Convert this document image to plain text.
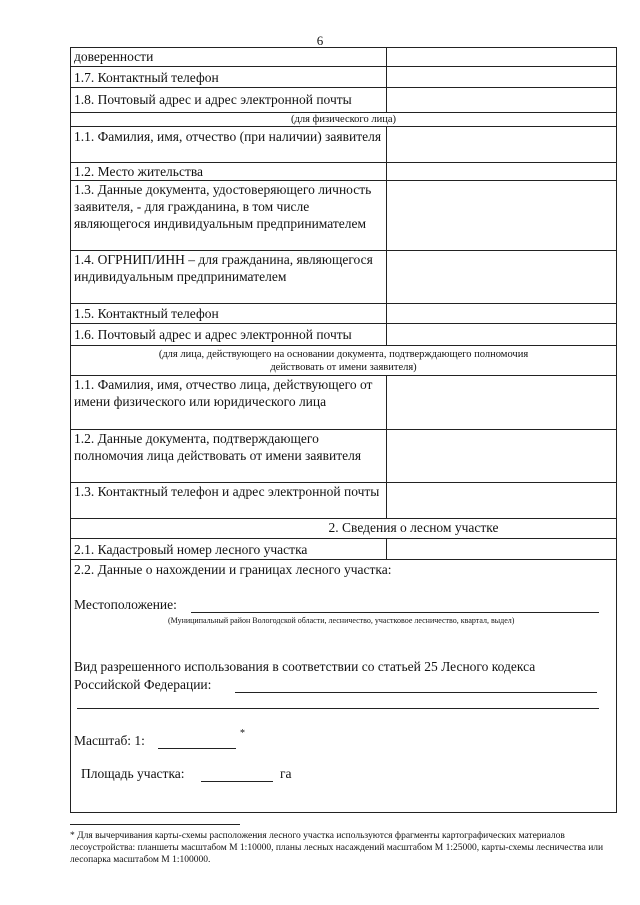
6
доверенности
1.7. Контактный телефон
1.8. Почтовый адрес и адрес электронной почты
(для физического лица)
1.1. Фамилия, имя, отчество (при наличии) заявителя
1.2. Место жительства
1.3. Данные документа, удостоверяющего личность заявителя, - для гражданина, в том числе являющегося индивидуальным предпринимателем
1.4. ОГРНИП/ИНН – для гражданина, являющегося индивидуальным предпринимателем
1.5. Контактный телефон
1.6. Почтовый адрес и адрес электронной почты
(для лица, действующего на основании документа, подтверждающего полномочия действовать от имени заявителя)
1.1. Фамилия, имя, отчество лица, действующего от имени физического или юридического лица
1.2. Данные документа, подтверждающего полномочия лица действовать от имени заявителя
1.3. Контактный телефон и адрес электронной почты
2. Сведения о лесном участке
2.1. Кадастровый номер лесного участка
2.2. Данные о нахождении и границах лесного участка:
Местоположение:
(Муниципальный район Вологодской области, лесничество, участковое лесничество, квартал, выдел)
Вид разрешенного использования в соответствии со статьей 25 Лесного кодекса
Российской Федерации:
Масштаб: 1:	*
Площадь участка:	га
* Для вычерчивания карты-схемы расположения лесного участка используются фрагменты картографических материалов лесоустройства: планшеты масштабом М 1:10000, планы лесных насаждений масштабом М 1:25000, карты-схемы лесничества или лесопарка масштабом М 1:100000.
